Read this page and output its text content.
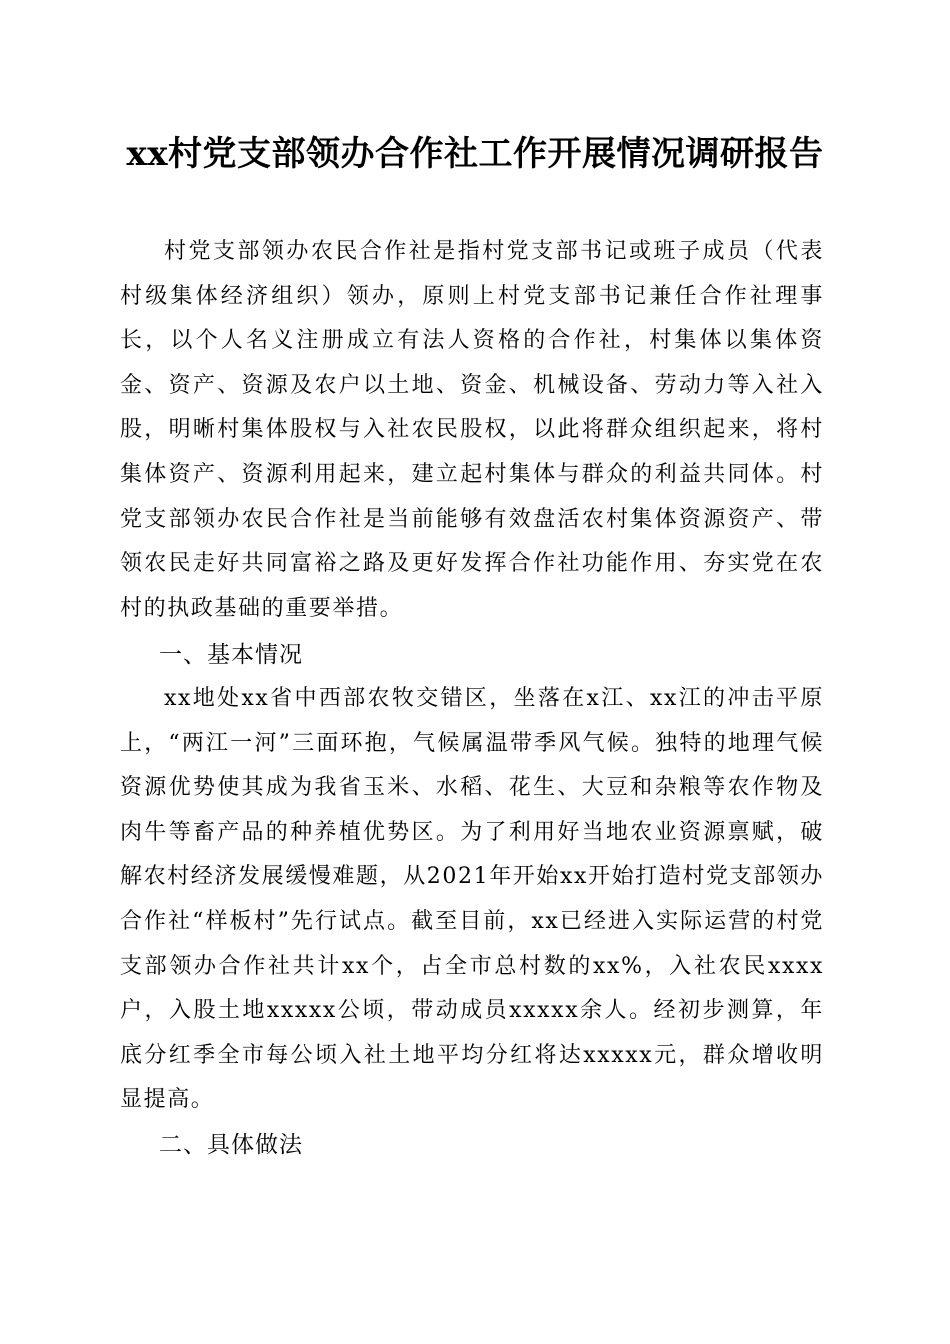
xx村党支部领办合作社工作开展情况调研报告

村党支部领办农民合作社是指村党支部书记或班子成员（代表村级集体经济组织）领办，原则上村党支部书记兼任合作社理事长，以个人名义注册成立有法人资格的合作社，村集体以集体资金、资产、资源及农户以土地、资金、机械设备、劳动力等入社入股，明晰村集体股权与入社农民股权，以此将群众组织起来，将村集体资产、资源利用起来，建立起村集体与群众的利益共同体。村党支部领办农民合作社是当前能够有效盘活农村集体资源资产、带领农民走好共同富裕之路及更好发挥合作社功能作用、夯实党在农村的执政基础的重要举措。

一、基本情况

xx地处xx省中西部农牧交错区，坐落在x江、xx江的冲击平原上，“两江一河”三面环抱，气候属温带季风气候。独特的地理气候资源优势使其成为我省玉米、水稻、花生、大豆和杂粮等农作物及肉牛等畜产品的种养植优势区。为了利用好当地农业资源禀赋，破解农村经济发展缓慢难题，从2021年开始xx开始打造村党支部领办合作社“样板村”先行试点。截至目前，xx已经进入实际运营的村党支部领办合作社共计xx个，占全市总村数的xx%，入社农民xxxx户，入股土地xxxxx公顷，带动成员xxxxx余人。经初步测算，年底分红季全市每公顷入社土地平均分红将达xxxxx元，群众增收明显提高。

二、具体做法
